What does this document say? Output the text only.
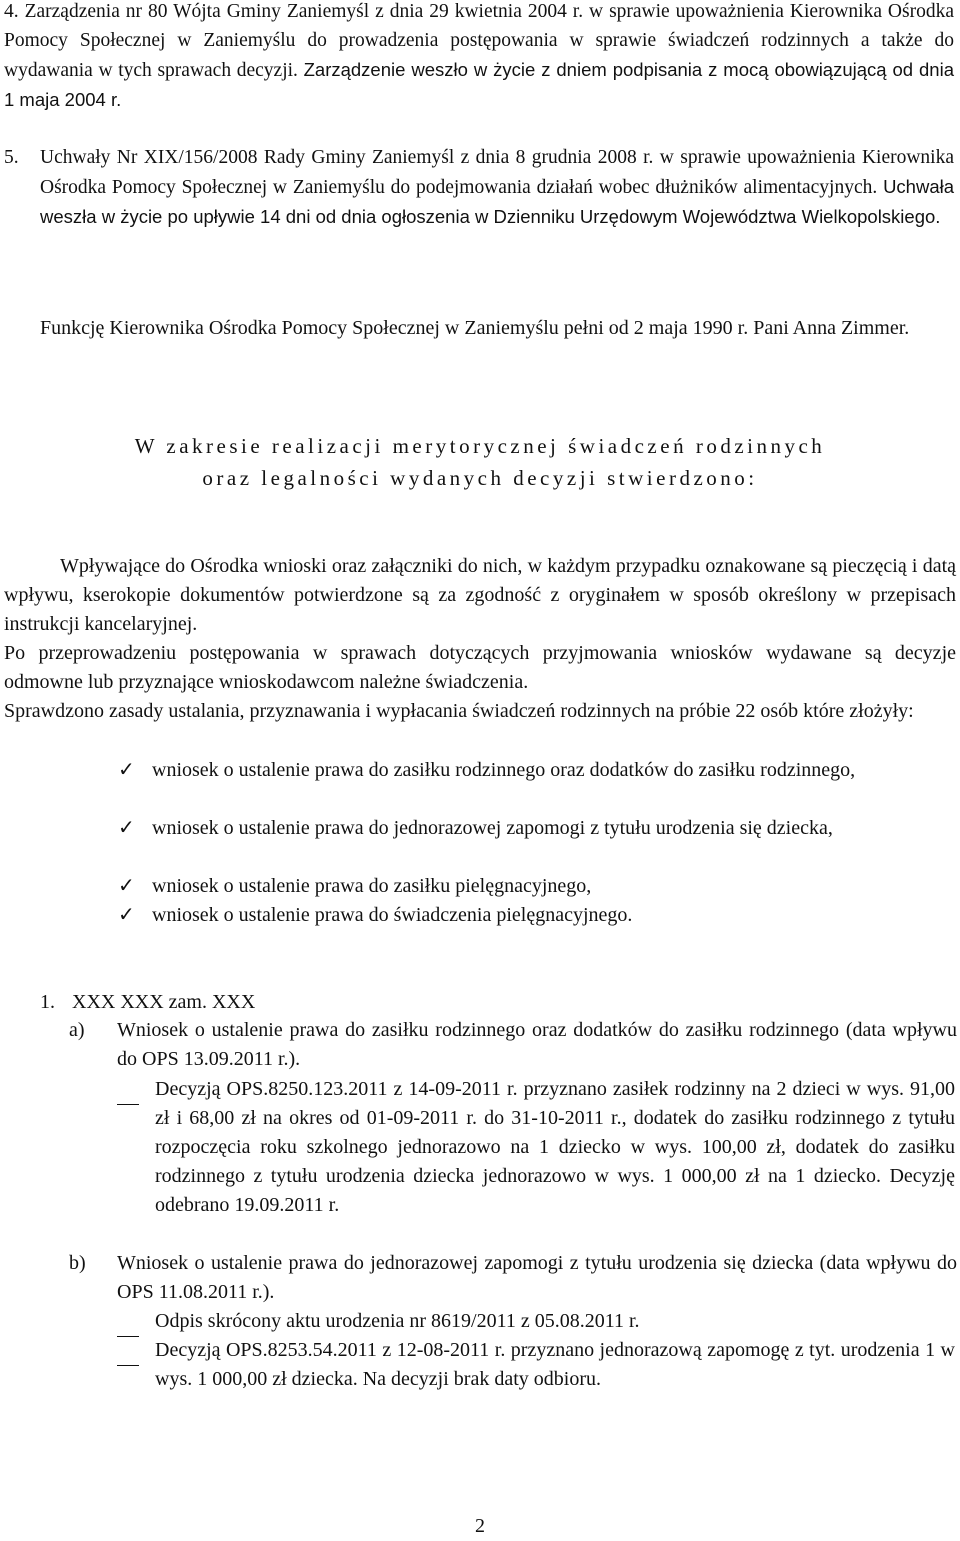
4. Zarządzenia nr 80 Wójta Gminy Zaniemyśl z dnia 29 kwietnia 2004 r. w sprawie upoważnienia Kierownika Ośrodka Pomocy Społecznej w Zaniemyślu do prowadzenia postępowania w sprawie świadczeń rodzinnych a także do wydawania w tych sprawach decyzji. Zarządzenie weszło w życie z dniem podpisania z mocą obowiązującą od dnia 1 maja 2004 r.
5. Uchwały Nr XIX/156/2008 Rady Gminy Zaniemyśl z dnia 8 grudnia 2008 r. w sprawie upoważnienia Kierownika Ośrodka Pomocy Społecznej w Zaniemyślu do podejmowania działań wobec dłużników alimentacyjnych. Uchwała weszła w życie po upływie 14 dni od dnia ogłoszenia w Dzienniku Urzędowym Województwa Wielkopolskiego.
Funkcję Kierownika Ośrodka Pomocy Społecznej w Zaniemyślu pełni od 2 maja 1990 r. Pani Anna Zimmer.
W zakresie realizacji merytorycznej świadczeń rodzinnych
oraz legalności wydanych decyzji stwierdzono:
Wpływające do Ośrodka wnioski oraz załączniki do nich, w każdym przypadku oznakowane są pieczęcią i datą wpływu, kserokopie dokumentów potwierdzone są za zgodność z oryginałem w sposób określony w przepisach instrukcji kancelaryjnej.
Po przeprowadzeniu postępowania w sprawach dotyczących przyjmowania wniosków wydawane są decyzje odmowne lub przyznające wnioskodawcom należne świadczenia.
Sprawdzono zasady ustalania, przyznawania i wypłacania świadczeń rodzinnych na próbie 22 osób które złożyły:
✓ wniosek o ustalenie prawa do zasiłku rodzinnego oraz dodatków do zasiłku rodzinnego,
✓ wniosek o ustalenie prawa do jednorazowej zapomogi z tytułu urodzenia się dziecka,
✓ wniosek o ustalenie prawa do zasiłku pielęgnacyjnego,
✓ wniosek o ustalenie prawa do świadczenia pielęgnacyjnego.
1. XXX XXX zam. XXX
a) Wniosek o ustalenie prawa do zasiłku rodzinnego oraz dodatków do zasiłku rodzinnego (data wpływu do OPS 13.09.2011 r.).
Decyzją OPS.8250.123.2011 z 14-09-2011 r. przyznano zasiłek rodzinny na 2 dzieci w wys. 91,00 zł i 68,00 zł na okres od 01-09-2011 r. do 31-10-2011 r., dodatek do zasiłku rodzinnego z tytułu rozpoczęcia roku szkolnego jednorazowo na 1 dziecko w wys. 100,00 zł, dodatek do zasiłku rodzinnego z tytułu urodzenia dziecka jednorazowo w wys. 1 000,00 zł na 1 dziecko. Decyzję odebrano 19.09.2011 r.
b) Wniosek o ustalenie prawa do jednorazowej zapomogi z tytułu urodzenia się dziecka (data wpływu do OPS 11.08.2011 r.).
Odpis skrócony aktu urodzenia nr 8619/2011 z 05.08.2011 r.
Decyzją OPS.8253.54.2011 z 12-08-2011 r. przyznano jednorazową zapomogę z tyt. urodzenia 1 w wys. 1 000,00 zł dziecka. Na decyzji brak daty odbioru.
2
